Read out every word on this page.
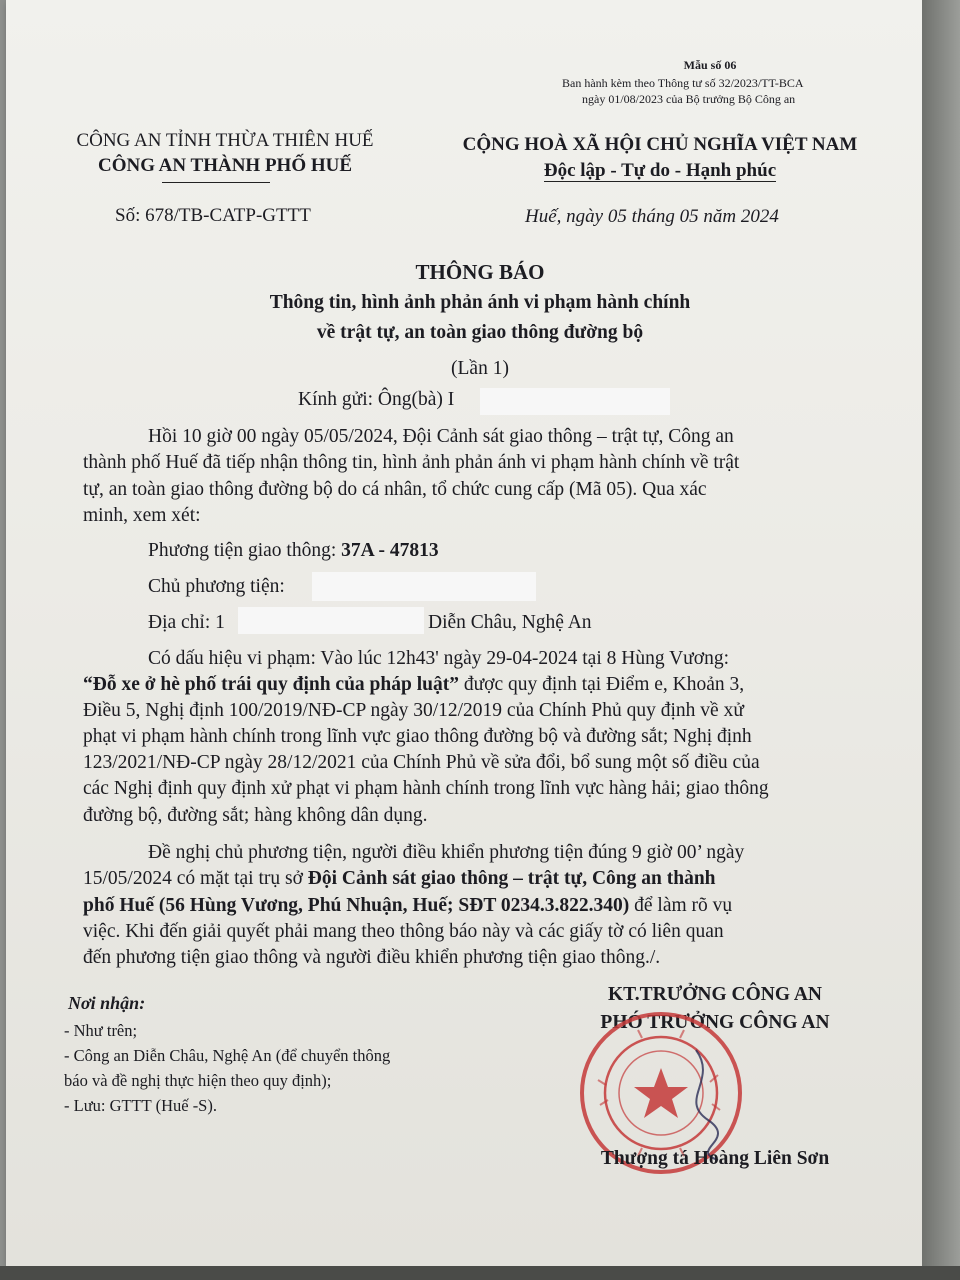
Mẫu số 06
Ban hành kèm theo Thông tư số 32/2023/TT-BCA
ngày 01/08/2023 của Bộ trưởng Bộ Công an
CÔNG AN TỈNH THỪA THIÊN HUẾ
CÔNG AN THÀNH PHỐ HUẾ
Số: 678/TB-CATP-GTTT
CỘNG HOÀ XÃ HỘI CHỦ NGHĨA VIỆT NAM
Độc lập - Tự do - Hạnh phúc
Huế, ngày 05 tháng 05 năm 2024
THÔNG BÁO
Thông tin, hình ảnh phản ánh vi phạm hành chính
về trật tự, an toàn giao thông đường bộ
(Lần 1)
Kính gửi: Ông(bà) I
Hồi 10 giờ 00 ngày 05/05/2024, Đội Cảnh sát giao thông – trật tự, Công an
thành phố Huế đã tiếp nhận thông tin, hình ảnh phản ánh vi phạm hành chính về trật
tự, an toàn giao thông đường bộ do cá nhân, tổ chức cung cấp (Mã 05). Qua xác
minh, xem xét:
Phương tiện giao thông: 37A - 47813
Chủ phương tiện:
Địa chỉ: 1	Diễn Châu, Nghệ An
Có dấu hiệu vi phạm: Vào lúc 12h43' ngày 29-04-2024 tại 8 Hùng Vương:
“Đỗ xe ở hè phố trái quy định của pháp luật” được quy định tại Điểm e, Khoản 3,
Điều 5, Nghị định 100/2019/NĐ-CP ngày 30/12/2019 của Chính Phủ quy định về xử
phạt vi phạm hành chính trong lĩnh vực giao thông đường bộ và đường sắt; Nghị định
123/2021/NĐ-CP ngày 28/12/2021 của Chính Phủ về sửa đổi, bổ sung một số điều của
các Nghị định quy định xử phạt vi phạm hành chính trong lĩnh vực hàng hải; giao thông
đường bộ, đường sắt; hàng không dân dụng.
Đề nghị chủ phương tiện, người điều khiển phương tiện đúng 9 giờ 00’ ngày
15/05/2024 có mặt tại trụ sở Đội Cảnh sát giao thông – trật tự, Công an thành
phố Huế (56 Hùng Vương, Phú Nhuận, Huế; SĐT 0234.3.822.340) để làm rõ vụ
việc. Khi đến giải quyết phải mang theo thông báo này và các giấy tờ có liên quan
đến phương tiện giao thông và người điều khiển phương tiện giao thông./.
Nơi nhận:
- Như trên;
- Công an Diễn Châu, Nghệ An (để chuyển thông
báo và đề nghị thực hiện theo quy định);
- Lưu: GTTT (Huế -S).
KT.TRƯỞNG CÔNG AN
PHÓ TRƯỞNG CÔNG AN
Thượng tá Hoàng Liên Sơn
